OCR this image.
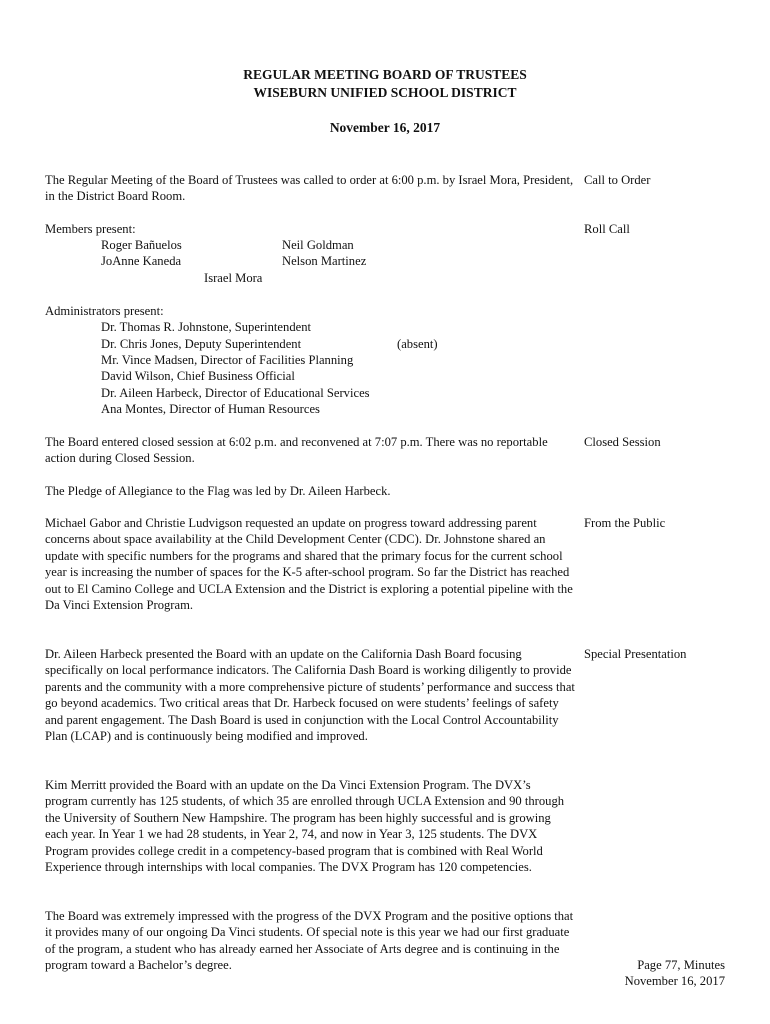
REGULAR MEETING BOARD OF TRUSTEES
WISEBURN UNIFIED SCHOOL DISTRICT
November 16, 2017

The Regular Meeting of the Board of Trustees was called to order at 6:00 p.m. by Israel Mora, President, in the District Board Room.

Call to Order
Members present:	Roll Call
Roger Bañuelos	Neil Goldman
JoAnne Kaneda	Nelson Martinez
Israel Mora
Administrators present:
Dr. Thomas R. Johnstone, Superintendent
Dr. Chris Jones, Deputy Superintendent	(absent)
Mr. Vince Madsen, Director of Facilities Planning
David Wilson, Chief Business Official
Dr. Aileen Harbeck, Director of Educational Services
Ana Montes, Director of Human Resources

The Board entered closed session at 6:02 p.m. and reconvened at 7:07 p.m. There was no reportable action during Closed Session.

Closed Session

The Pledge of Allegiance to the Flag was led by Dr. Aileen Harbeck.

Michael Gabor and Christie Ludvigson requested an update on progress toward addressing parent concerns about space availability at the Child Development Center (CDC). Dr. Johnstone shared an update with specific numbers for the programs and shared that the primary focus for the current school year is increasing the number of spaces for the K-5 after-school program. So far the District has reached out to El Camino College and UCLA Extension and the District is exploring a potential pipeline with the Da Vinci Extension Program.

From the Public

Dr. Aileen Harbeck presented the Board with an update on the California Dash Board focusing specifically on local performance indicators. The California Dash Board is working diligently to provide parents and the community with a more comprehensive picture of students’ performance and success that go beyond academics. Two critical areas that Dr. Harbeck focused on were students’ feelings of safety and parent engagement. The Dash Board is used in conjunction with the Local Control Accountability Plan (LCAP) and is continuously being modified and improved.

Special Presentation

Kim Merritt provided the Board with an update on the Da Vinci Extension Program. The DVX’s program currently has 125 students, of which 35 are enrolled through UCLA Extension and 90 through the University of Southern New Hampshire. The program has been highly successful and is growing each year. In Year 1 we had 28 students, in Year 2, 74, and now in Year 3, 125 students. The DVX Program provides college credit in a competency-based program that is combined with Real World Experience through internships with local companies. The DVX Program has 120 competencies.

The Board was extremely impressed with the progress of the DVX Program and the positive options that it provides many of our ongoing Da Vinci students. Of special note is this year we had our first graduate of the program, a student who has already earned her Associate of Arts degree and is continuing in the program toward a Bachelor’s degree.	Page 77, Minutes
November 16, 2017
